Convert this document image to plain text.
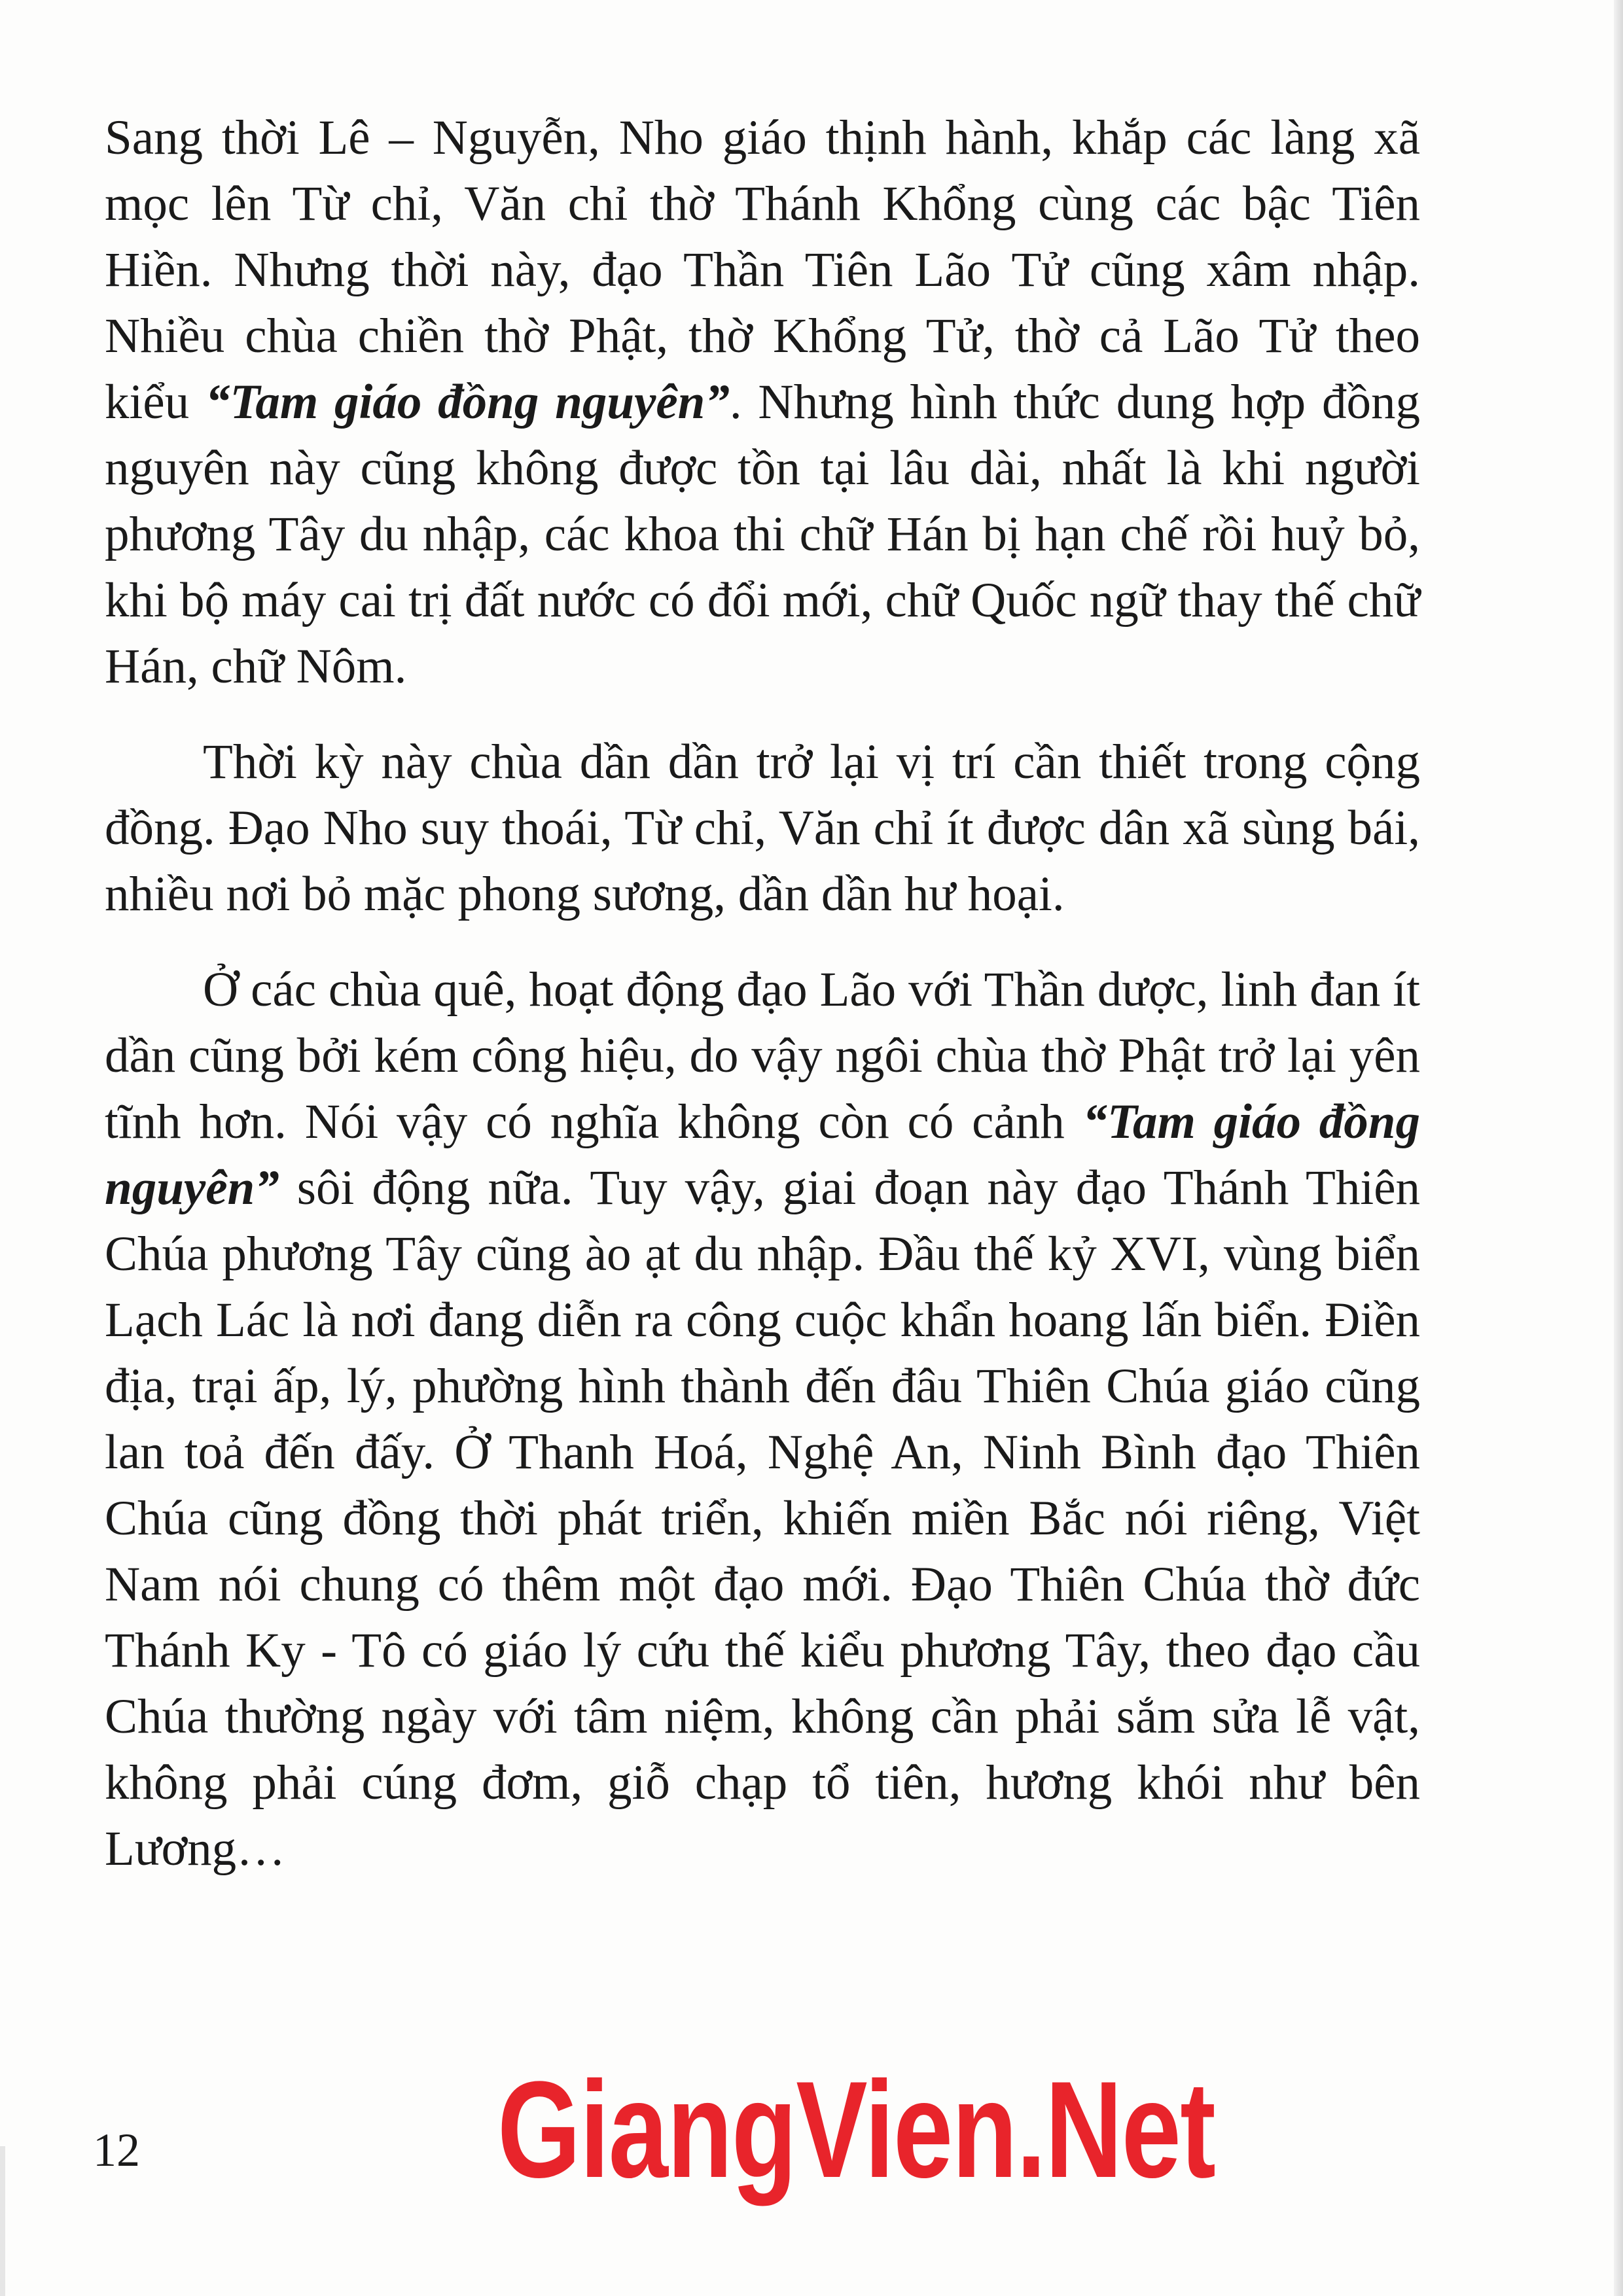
Sang thời Lê – Nguyễn, Nho giáo thịnh hành, khắp các làng xã mọc lên Từ chỉ, Văn chỉ thờ Thánh Khổng cùng các bậc Tiên Hiền. Nhưng thời này, đạo Thần Tiên Lão Tử cũng xâm nhập. Nhiều chùa chiền thờ Phật, thờ Khổng Tử, thờ cả Lão Tử theo kiểu “Tam giáo đồng nguyên”. Nhưng hình thức dung hợp đồng nguyên này cũng không được tồn tại lâu dài, nhất là khi người phương Tây du nhập, các khoa thi chữ Hán bị hạn chế rồi huỷ bỏ, khi bộ máy cai trị đất nước có đổi mới, chữ Quốc ngữ thay thế chữ Hán, chữ Nôm.

Thời kỳ này chùa dần dần trở lại vị trí cần thiết trong cộng đồng. Đạo Nho suy thoái, Từ chỉ, Văn chỉ ít được dân xã sùng bái, nhiều nơi bỏ mặc phong sương, dần dần hư hoại.

Ở các chùa quê, hoạt động đạo Lão với Thần dược, linh đan ít dần cũng bởi kém công hiệu, do vậy ngôi chùa thờ Phật trở lại yên tĩnh hơn. Nói vậy có nghĩa không còn có cảnh “Tam giáo đồng nguyên” sôi động nữa. Tuy vậy, giai đoạn này đạo Thánh Thiên Chúa phương Tây cũng ào ạt du nhập. Đầu thế kỷ XVI, vùng biển Lạch Lác là nơi đang diễn ra công cuộc khẩn hoang lấn biển. Điền địa, trại ấp, lý, phường hình thành đến đâu Thiên Chúa giáo cũng lan toả đến đấy. Ở Thanh Hoá, Nghệ An, Ninh Bình đạo Thiên Chúa cũng đồng thời phát triển, khiến miền Bắc nói riêng, Việt Nam nói chung có thêm một đạo mới. Đạo Thiên Chúa thờ đức Thánh Ky - Tô có giáo lý cứu thế kiểu phương Tây, theo đạo cầu Chúa thường ngày với tâm niệm, không cần phải sắm sửa lễ vật, không phải cúng đơm, giỗ chạp tổ tiên, hương khói như bên Lương…

12	GiangVien.Net
